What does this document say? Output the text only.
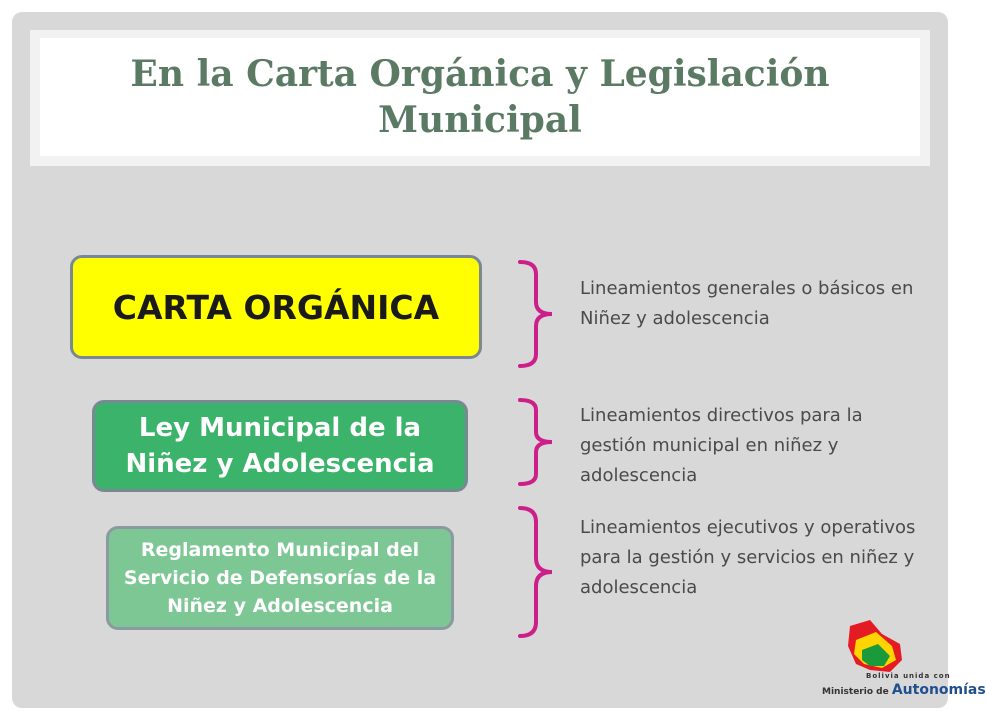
En la Carta Orgánica y Legislación Municipal
CARTA ORGÁNICA
Ley Municipal de la Niñez y Adolescencia
Reglamento Municipal del Servicio de Defensorías de la Niñez y Adolescencia
Lineamientos generales o básicos en Niñez y adolescencia
Lineamientos directivos para la gestión municipal en niñez y adolescencia
Lineamientos ejecutivos y operativos para la gestión y servicios en niñez y adolescencia
Bolivia unida con
Ministerio de Autonomías
